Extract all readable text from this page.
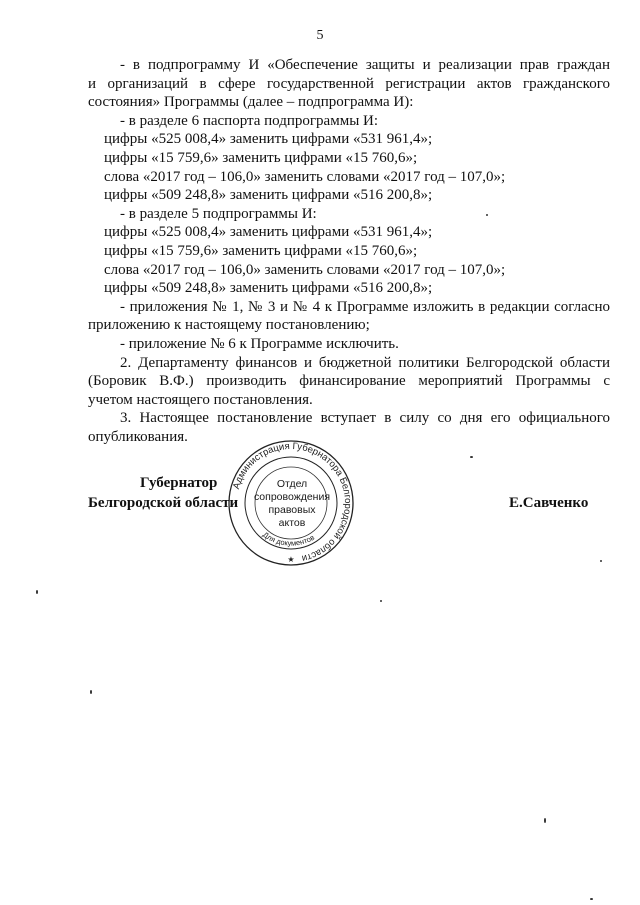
5

- в подпрограмму И «Обеспечение защиты и реализации прав граждан

и организаций в сфере государственной регистрации актов гражданского

состояния» Программы (далее – подпрограмма И):

- в разделе 6 паспорта подпрограммы И:

цифры «525 008,4» заменить цифрами «531 961,4»;

цифры «15 759,6» заменить цифрами «15 760,6»;

слова «2017 год – 106,0» заменить словами «2017 год – 107,0»;

цифры «509 248,8» заменить цифрами «516 200,8»;

- в разделе 5 подпрограммы И:

цифры «525 008,4» заменить цифрами «531 961,4»;

цифры «15 759,6» заменить цифрами «15 760,6»;

слова «2017 год – 106,0» заменить словами «2017 год – 107,0»;

цифры «509 248,8» заменить цифрами «516 200,8»;

- приложения № 1, № 3 и № 4 к Программе изложить в редакции согласно

приложению к настоящему постановлению;

- приложение № 6 к Программе исключить.

2. Департаменту финансов и бюджетной политики Белгородской области

(Боровик В.Ф.) производить финансирование мероприятий Программы с

учетом настоящего постановления.

3. Настоящее постановление вступает в силу со дня его официального

опубликования.

Администрация Губернатора Белгородской области
Для документов
★
Отдел
сопровождения
правовых
актов
Губернатор
Белгородской области	Е.Савченко
